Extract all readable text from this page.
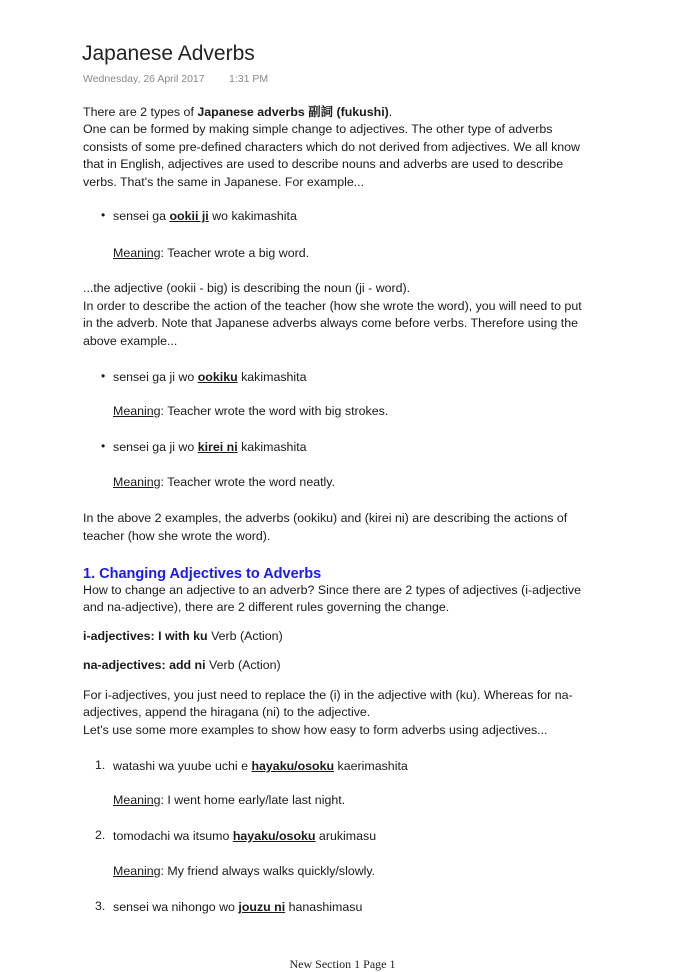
Japanese Adverbs
Wednesday, 26 April 2017 1:31 PM
There are 2 types of Japanese adverbs 副詞 (fukushi).
One can be formed by making simple change to adjectives. The other type of adverbs
consists of some pre-defined characters which do not derived from adjectives. We all know
that in English, adjectives are used to describe nouns and adverbs are used to describe
verbs. That's the same in Japanese. For example...
• sensei ga ookii ji wo kakimashita
Meaning: Teacher wrote a big word.
...the adjective (ookii - big) is describing the noun (ji - word).
In order to describe the action of the teacher (how she wrote the word), you will need to put
in the adverb. Note that Japanese adverbs always come before verbs. Therefore using the
above example...
• sensei ga ji wo ookiku kakimashita
Meaning: Teacher wrote the word with big strokes.
• sensei ga ji wo kirei ni kakimashita
Meaning: Teacher wrote the word neatly.
In the above 2 examples, the adverbs (ookiku) and (kirei ni) are describing the actions of
teacher (how she wrote the word).
1. Changing Adjectives to Adverbs
How to change an adjective to an adverb? Since there are 2 types of adjectives (i-adjective
and na-adjective), there are 2 different rules governing the change.
i-adjectives: I with ku Verb (Action)
na-adjectives: add ni Verb (Action)
For i-adjectives, you just need to replace the (i) in the adjective with (ku). Whereas for na-
adjectives, append the hiragana (ni) to the adjective.
Let's use some more examples to show how easy to form adverbs using adjectives...
1. watashi wa yuube uchi e hayaku/osoku kaerimashita
Meaning: I went home early/late last night.
2. tomodachi wa itsumo hayaku/osoku arukimasu
Meaning: My friend always walks quickly/slowly.
3. sensei wa nihongo wo jouzu ni hanashimasu
New Section 1 Page 1
